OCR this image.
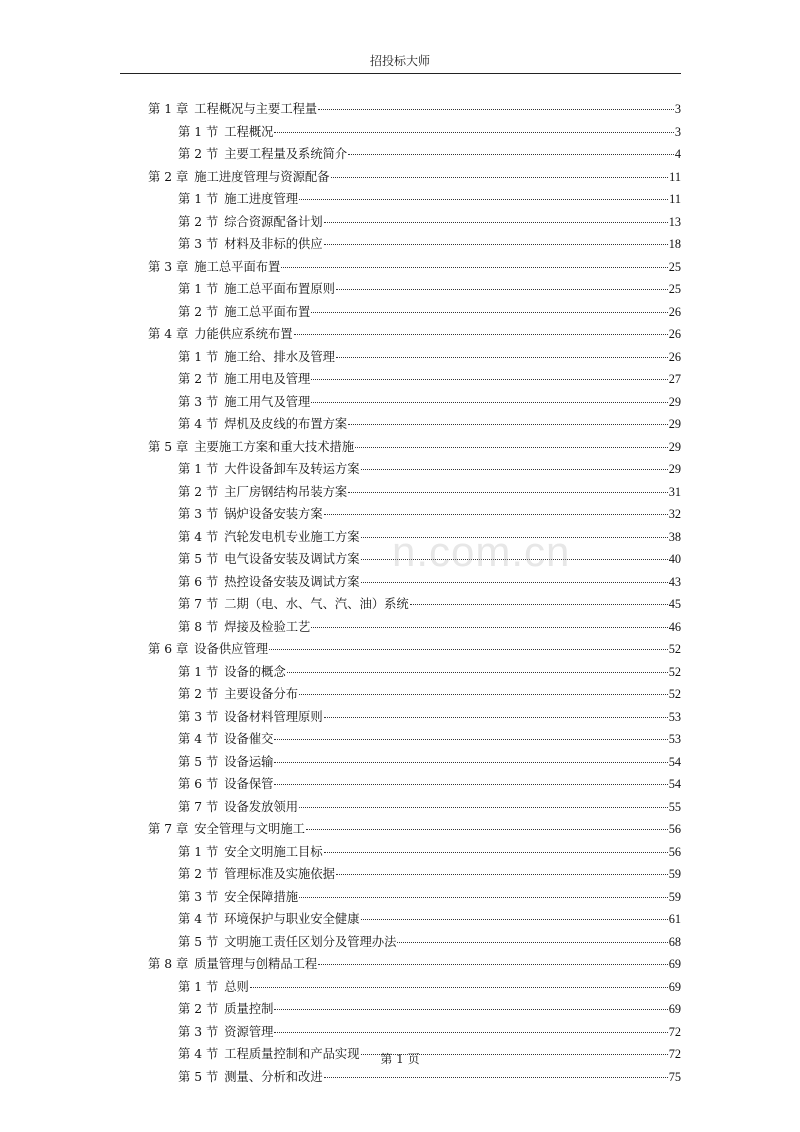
招投标大师
第 1 章 工程概况与主要工程量	3
第 1 节 工程概况	3
第 2 节 主要工程量及系统简介	4
第 2 章 施工进度管理与资源配备	11
第 1 节 施工进度管理	11
第 2 节 综合资源配备计划	13
第 3 节 材料及非标的供应	18
第 3 章 施工总平面布置	25
第 1 节 施工总平面布置原则	25
第 2 节 施工总平面布置	26
第 4 章 力能供应系统布置	26
第 1 节 施工给、排水及管理	26
第 2 节 施工用电及管理	27
第 3 节 施工用气及管理	29
第 4 节 焊机及皮线的布置方案	29
第 5 章 主要施工方案和重大技术措施	29
第 1 节 大件设备卸车及转运方案	29
第 2 节 主厂房钢结构吊装方案	31
第 3 节 锅炉设备安装方案	32
第 4 节 汽轮发电机专业施工方案	38
第 5 节 电气设备安装及调试方案	40
第 6 节 热控设备安装及调试方案	43
第 7 节 二期（电、水、气、汽、油）系统	45
第 8 节 焊接及检验工艺	46
第 6 章 设备供应管理	52
第 1 节 设备的概念	52
第 2 节 主要设备分布	52
第 3 节 设备材料管理原则	53
第 4 节 设备催交	53
第 5 节 设备运输	54
第 6 节 设备保管	54
第 7 节 设备发放领用	55
第 7 章 安全管理与文明施工	56
第 1 节 安全文明施工目标	56
第 2 节 管理标准及实施依据	59
第 3 节 安全保障措施	59
第 4 节 环境保护与职业安全健康	61
第 5 节 文明施工责任区划分及管理办法	68
第 8 章 质量管理与创精品工程	69
第 1 节 总则	69
第 2 节 质量控制	69
第 3 节 资源管理	72
第 4 节 工程质量控制和产品实现	72
第 5 节 测量、分析和改进	75
n.com.cn
第 1 页
